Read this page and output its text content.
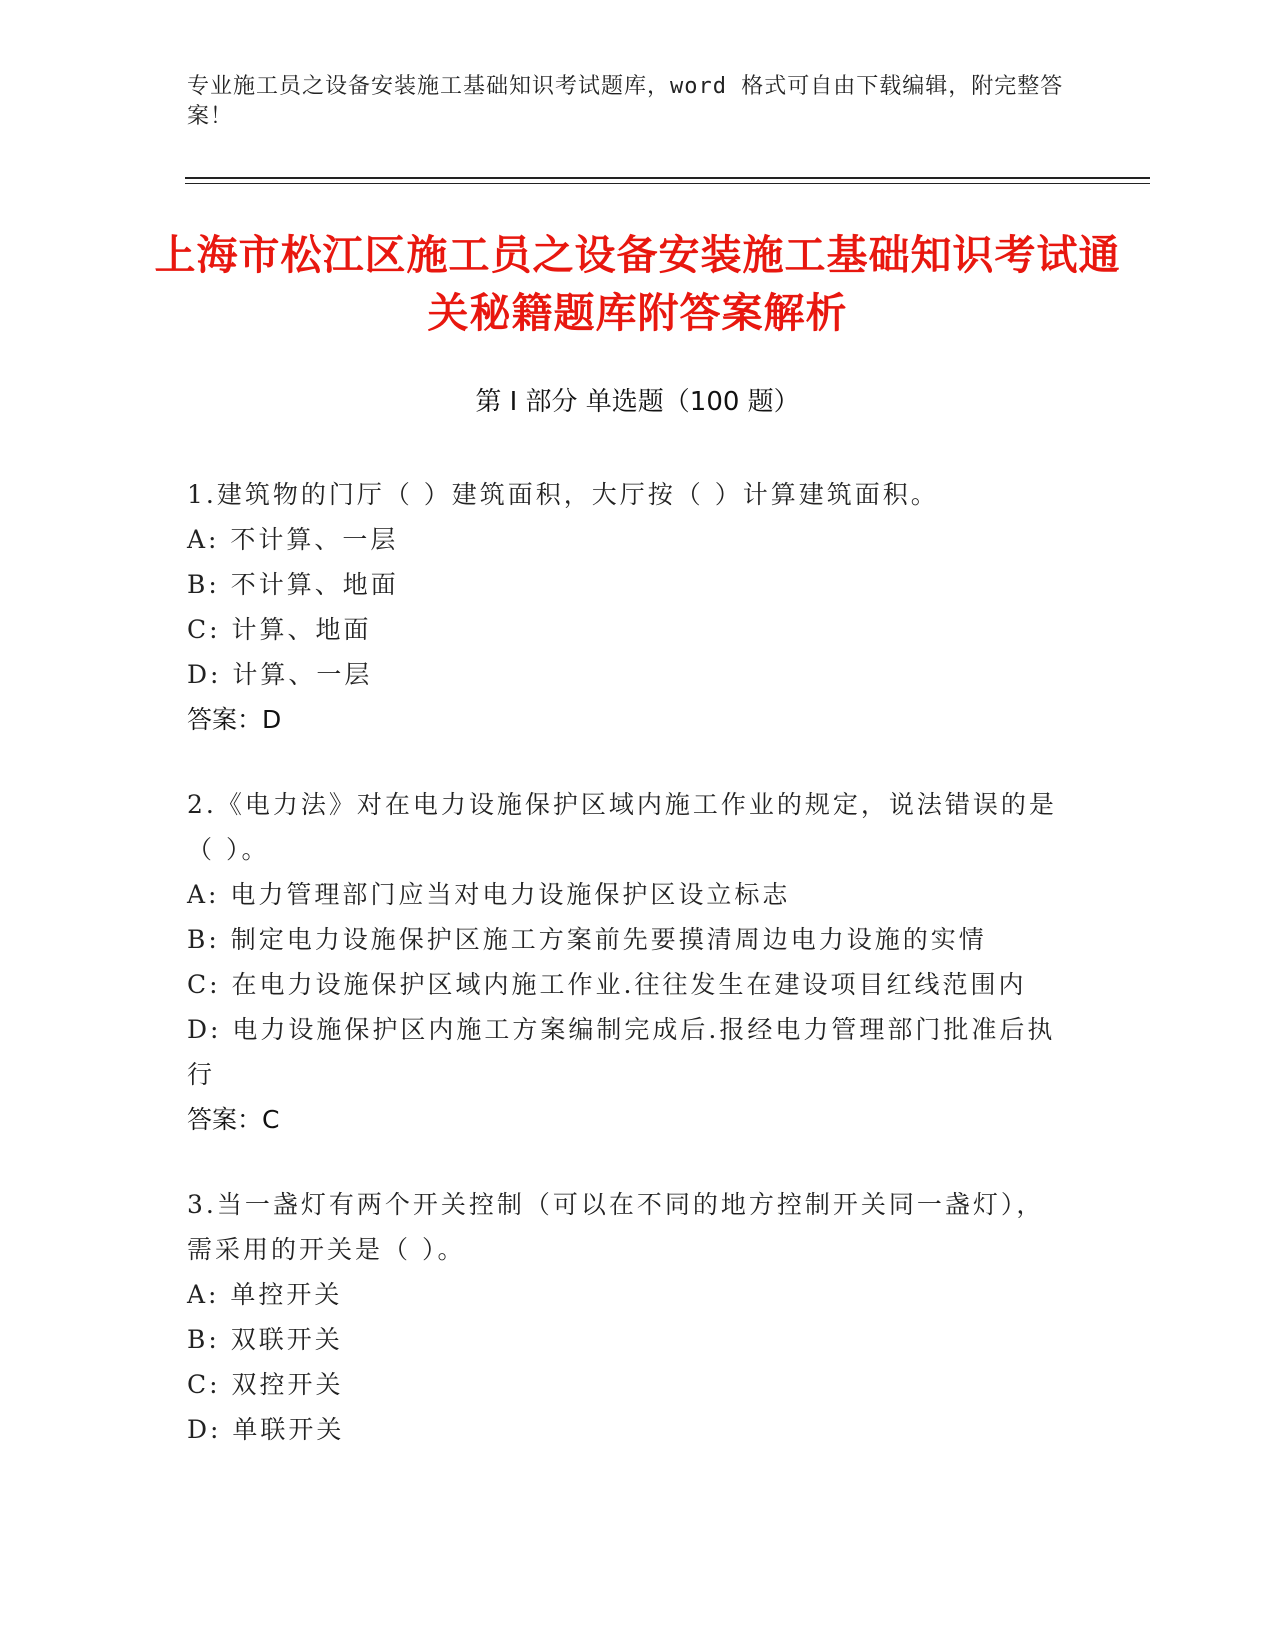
专业施工员之设备安装施工基础知识考试题库，word 格式可自由下载编辑，附完整答案！
上海市松江区施工员之设备安装施工基础知识考试通关秘籍题库附答案解析
第 I 部分 单选题（100 题）
1.建筑物的门厅（ ）建筑面积，大厅按（ ）计算建筑面积。
A: 不计算、一层
B: 不计算、地面
C: 计算、地面
D: 计算、一层
答案：D
2.《电力法》对在电力设施保护区域内施工作业的规定，说法错误的是（ ）。
A: 电力管理部门应当对电力设施保护区设立标志
B: 制定电力设施保护区施工方案前先要摸清周边电力设施的实情
C: 在电力设施保护区域内施工作业.往往发生在建设项目红线范围内
D: 电力设施保护区内施工方案编制完成后.报经电力管理部门批准后执行
答案：C
3.当一盏灯有两个开关控制（可以在不同的地方控制开关同一盏灯），需采用的开关是（ ）。
A: 单控开关
B: 双联开关
C: 双控开关
D: 单联开关
